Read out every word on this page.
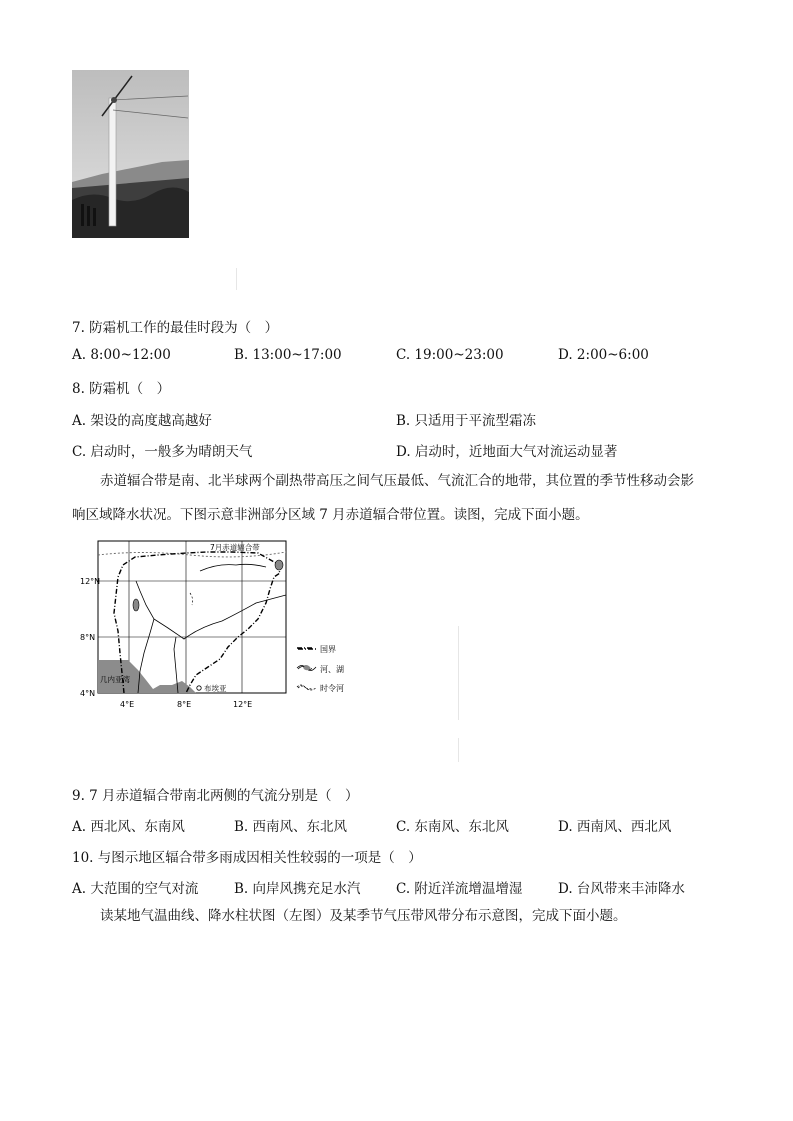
7. 防霜机工作的最佳时段为（　）
A. 8:00~12:00	B. 13:00~17:00	C. 19:00~23:00	D. 2:00~6:00
8. 防霜机（　）
A. 架设的高度越高越好	B. 只适用于平流型霜冻
C. 启动时，一般多为晴朗天气	D. 启动时，近地面大气对流运动显著
赤道辐合带是南、北半球两个副热带高压之间气压最低、气流汇合的地带，其位置的季节性移动会影
响区域降水状况。下图示意非洲部分区域 7 月赤道辐合带位置。读图，完成下面小题。
7月赤道辐合带
12°N
8°N
4°N
4°E	8°E	12°E
几内亚湾
布埃亚
国界
河、湖
时令河
9. 7 月赤道辐合带南北两侧的气流分别是（　）
A. 西北风、东南风	B. 西南风、东北风	C. 东南风、东北风	D. 西南风、西北风
10. 与图示地区辐合带多雨成因相关性较弱的一项是（　）
A. 大范围的空气对流	B. 向岸风携充足水汽	C. 附近洋流增温增湿	D. 台风带来丰沛降水
读某地气温曲线、降水柱状图（左图）及某季节气压带风带分布示意图，完成下面小题。
